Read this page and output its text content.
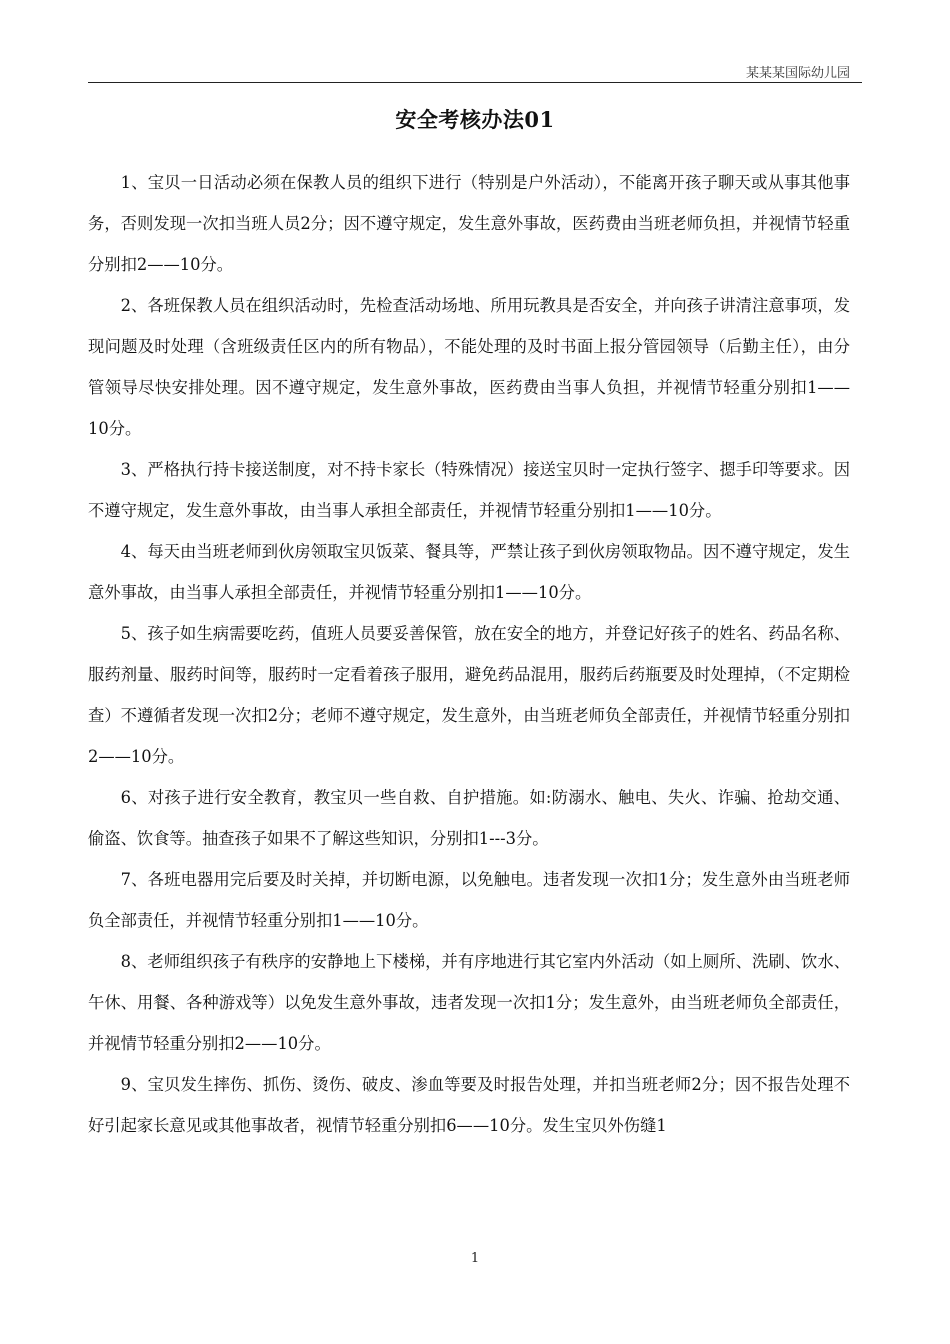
某某某国际幼儿园
安全考核办法01

1、宝贝一日活动必须在保教人员的组织下进行（特别是户外活动），不能离开孩子聊天或从事其他事务，否则发现一次扣当班人员2分；因不遵守规定，发生意外事故，医药费由当班老师负担，并视情节轻重分别扣2——10分。

2、各班保教人员在组织活动时，先检查活动场地、所用玩教具是否安全，并向孩子讲清注意事项，发现问题及时处理（含班级责任区内的所有物品），不能处理的及时书面上报分管园领导（后勤主任），由分管领导尽快安排处理。因不遵守规定，发生意外事故，医药费由当事人负担，并视情节轻重分别扣1——10分。

3、严格执行持卡接送制度，对不持卡家长（特殊情况）接送宝贝时一定执行签字、摁手印等要求。因不遵守规定，发生意外事故，由当事人承担全部责任，并视情节轻重分别扣1——10分。

4、每天由当班老师到伙房领取宝贝饭菜、餐具等，严禁让孩子到伙房领取物品。因不遵守规定，发生意外事故，由当事人承担全部责任，并视情节轻重分别扣1——10分。

5、孩子如生病需要吃药，值班人员要妥善保管，放在安全的地方，并登记好孩子的姓名、药品名称、服药剂量、服药时间等，服药时一定看着孩子服用，避免药品混用，服药后药瓶要及时处理掉，（不定期检查）不遵循者发现一次扣2分；老师不遵守规定，发生意外，由当班老师负全部责任，并视情节轻重分别扣2——10分。

6、对孩子进行安全教育，教宝贝一些自救、自护措施。如:防溺水、触电、失火、诈骗、抢劫交通、偷盗、饮食等。抽查孩子如果不了解这些知识，分别扣1---3分。

7、各班电器用完后要及时关掉，并切断电源，以免触电。违者发现一次扣1分；发生意外由当班老师负全部责任，并视情节轻重分别扣1——10分。

8、老师组织孩子有秩序的安静地上下楼梯，并有序地进行其它室内外活动（如上厕所、洗刷、饮水、午休、用餐、各种游戏等）以免发生意外事故，违者发现一次扣1分；发生意外，由当班老师负全部责任，并视情节轻重分别扣2——10分。

9、宝贝发生摔伤、抓伤、烫伤、破皮、渗血等要及时报告处理，并扣当班老师2分；因不报告处理不好引起家长意见或其他事故者，视情节轻重分别扣6——10分。发生宝贝外伤缝1

1
